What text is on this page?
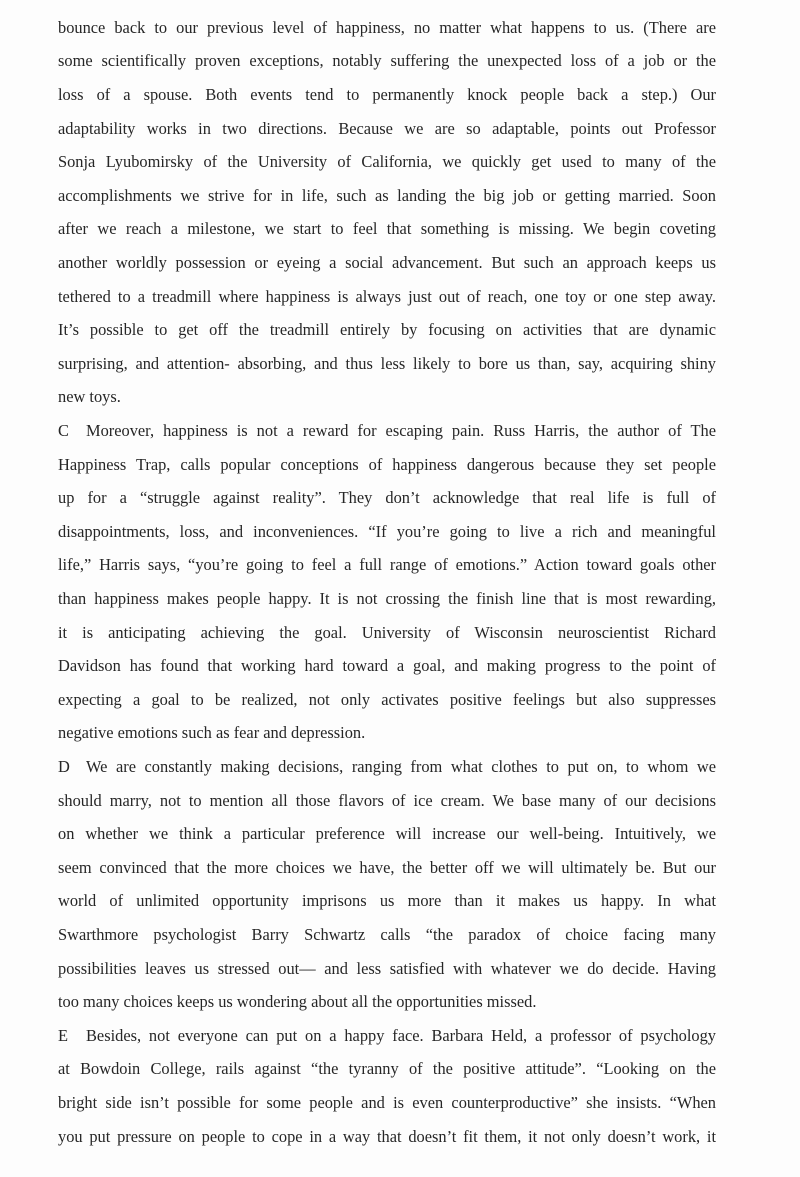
bounce back to our previous level of happiness, no matter what happens to us. (There are
some scientifically proven exceptions, notably suffering the unexpected loss of a job or the
loss of a spouse. Both events tend to permanently knock people back a step.) Our
adaptability works in two directions. Because we are so adaptable, points out Professor
Sonja Lyubomirsky of the University of California, we quickly get used to many of the
accomplishments we strive for in life, such as landing the big job or getting married. Soon
after we reach a milestone, we start to feel that something is missing. We begin coveting
another worldly possession or eyeing a social advancement. But such an approach keeps us
tethered to a treadmill where happiness is always just out of reach, one toy or one step away.
It’s possible to get off the treadmill entirely by focusing on activities that are dynamic
surprising, and attention- absorbing, and thus less likely to bore us than, say, acquiring shiny
new toys.
C Moreover, happiness is not a reward for escaping pain. Russ Harris, the author of The
Happiness Trap, calls popular conceptions of happiness dangerous because they set people
up for a “struggle against reality”. They don’t acknowledge that real life is full of
disappointments, loss, and inconveniences. “If you’re going to live a rich and meaningful
life,” Harris says, “you’re going to feel a full range of emotions.” Action toward goals other
than happiness makes people happy. It is not crossing the finish line that is most rewarding,
it is anticipating achieving the goal. University of Wisconsin neuroscientist Richard
Davidson has found that working hard toward a goal, and making progress to the point of
expecting a goal to be realized, not only activates positive feelings but also suppresses
negative emotions such as fear and depression.
D We are constantly making decisions, ranging from what clothes to put on, to whom we
should marry, not to mention all those flavors of ice cream. We base many of our decisions
on whether we think a particular preference will increase our well-being. Intuitively, we
seem convinced that the more choices we have, the better off we will ultimately be. But our
world of unlimited opportunity imprisons us more than it makes us happy. In what
Swarthmore psychologist Barry Schwartz calls “the paradox of choice facing many
possibilities leaves us stressed out— and less satisfied with whatever we do decide. Having
too many choices keeps us wondering about all the opportunities missed.
E Besides, not everyone can put on a happy face. Barbara Held, a professor of psychology
at Bowdoin College, rails against “the tyranny of the positive attitude”. “Looking on the
bright side isn’t possible for some people and is even counterproductive” she insists. “When
you put pressure on people to cope in a way that doesn’t fit them, it not only doesn’t work, it
